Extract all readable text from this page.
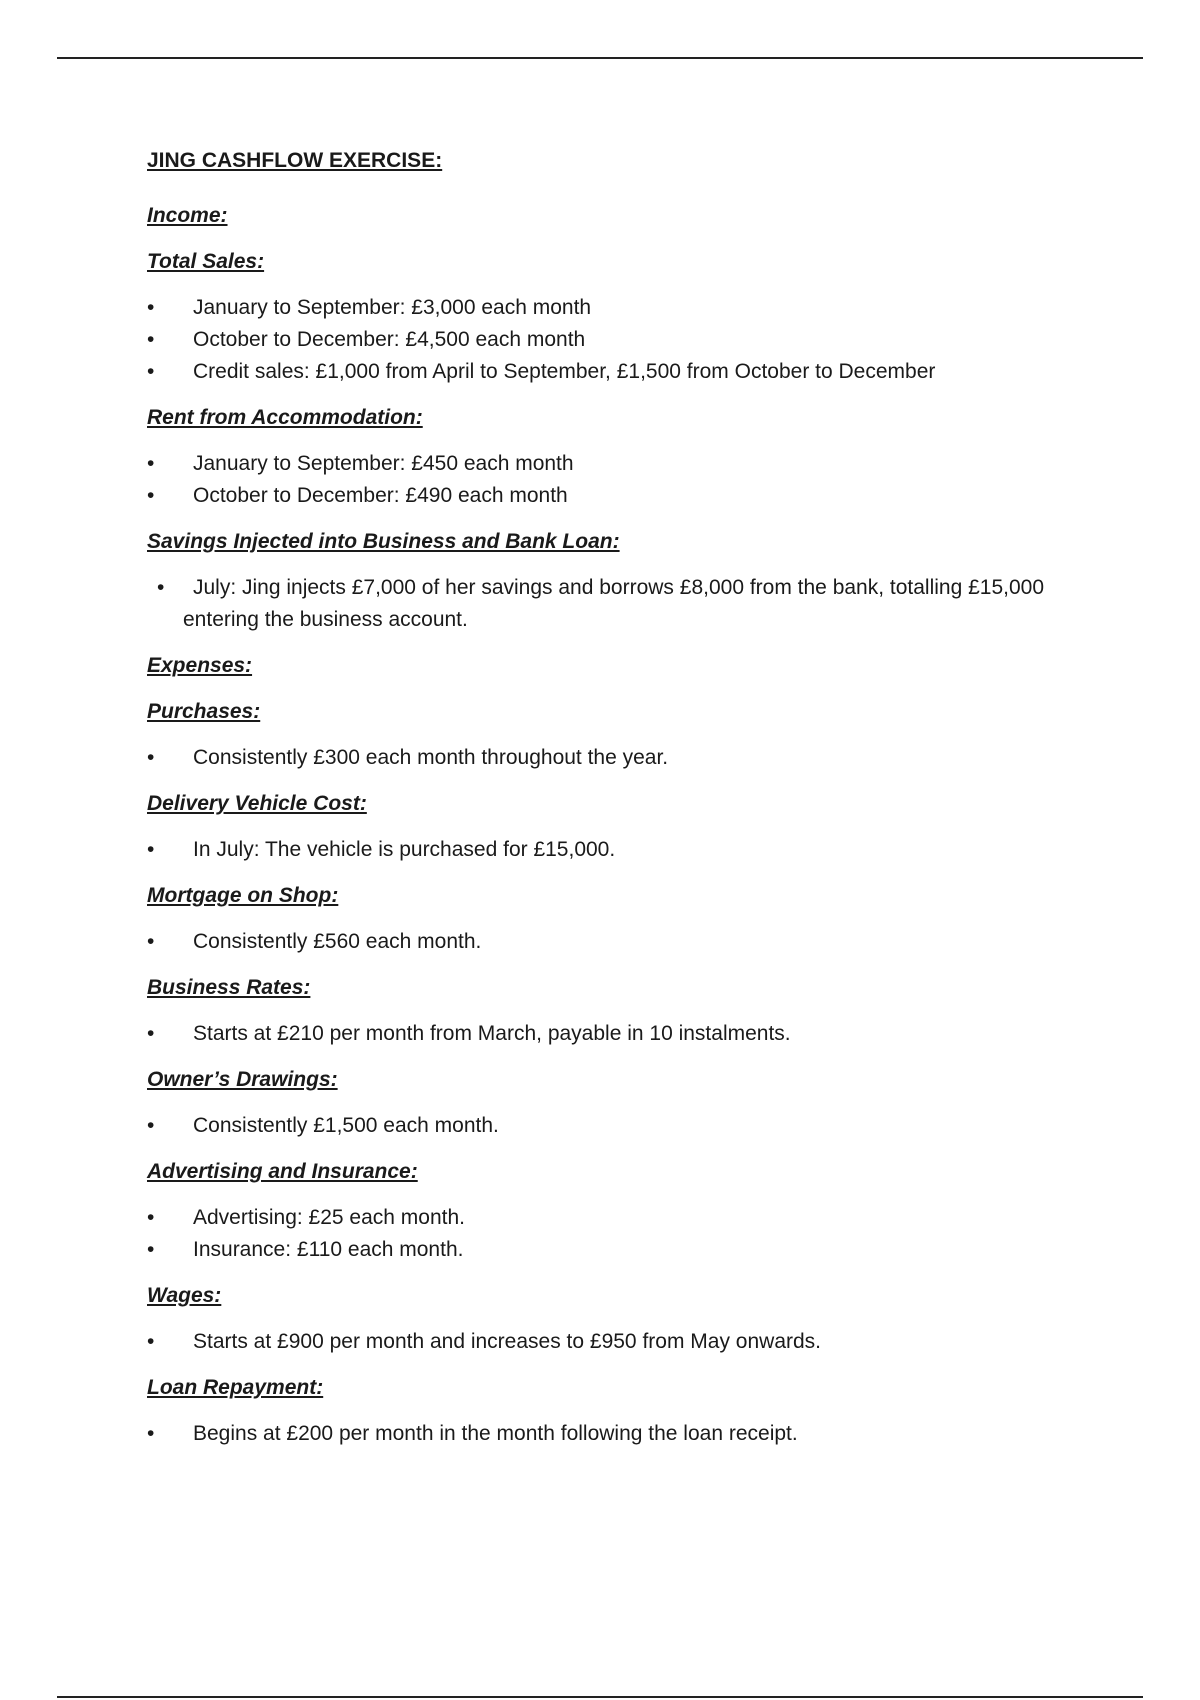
JING CASHFLOW EXERCISE:
Income:
Total Sales:
• January to September: £3,000 each month
• October to December: £4,500 each month
• Credit sales: £1,000 from April to September, £1,500 from October to December
Rent from Accommodation:
• January to September: £450 each month
• October to December: £490 each month
Savings Injected into Business and Bank Loan:
• July: Jing injects £7,000 of her savings and borrows £8,000 from the bank, totalling £15,000 entering the business account.
Expenses:
Purchases:
• Consistently £300 each month throughout the year.
Delivery Vehicle Cost:
• In July: The vehicle is purchased for £15,000.
Mortgage on Shop:
• Consistently £560 each month.
Business Rates:
• Starts at £210 per month from March, payable in 10 instalments.
Owner’s Drawings:
• Consistently £1,500 each month.
Advertising and Insurance:
• Advertising: £25 each month.
• Insurance: £110 each month.
Wages:
• Starts at £900 per month and increases to £950 from May onwards.
Loan Repayment:
• Begins at £200 per month in the month following the loan receipt.
